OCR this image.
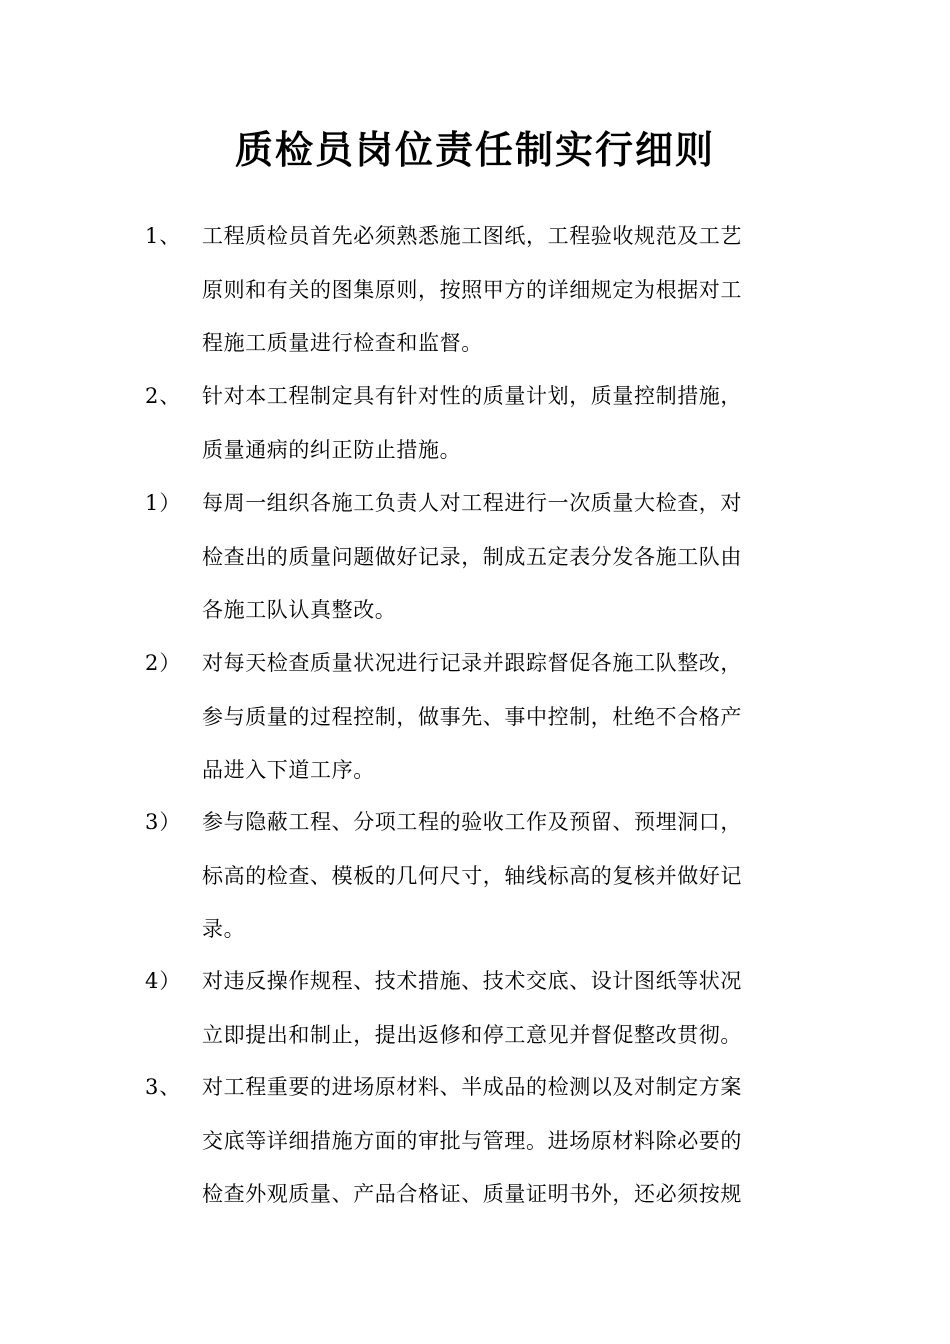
质检员岗位责任制实行细则
1、 工程质检员首先必须熟悉施工图纸，工程验收规范及工艺
原则和有关的图集原则，按照甲方的详细规定为根据对工
程施工质量进行检查和监督。
2、 针对本工程制定具有针对性的质量计划，质量控制措施，
质量通病的纠正防止措施。
1） 每周一组织各施工负责人对工程进行一次质量大检查，对
检查出的质量问题做好记录，制成五定表分发各施工队由
各施工队认真整改。
2） 对每天检查质量状况进行记录并跟踪督促各施工队整改，
参与质量的过程控制，做事先、事中控制，杜绝不合格产
品进入下道工序。
3） 参与隐蔽工程、分项工程的验收工作及预留、预埋洞口，
标高的检查、模板的几何尺寸，轴线标高的复核并做好记
录。
4） 对违反操作规程、技术措施、技术交底、设计图纸等状况
立即提出和制止，提出返修和停工意见并督促整改贯彻。
3、 对工程重要的进场原材料、半成品的检测以及对制定方案
交底等详细措施方面的审批与管理。进场原材料除必要的
检查外观质量、产品合格证、质量证明书外，还必须按规
